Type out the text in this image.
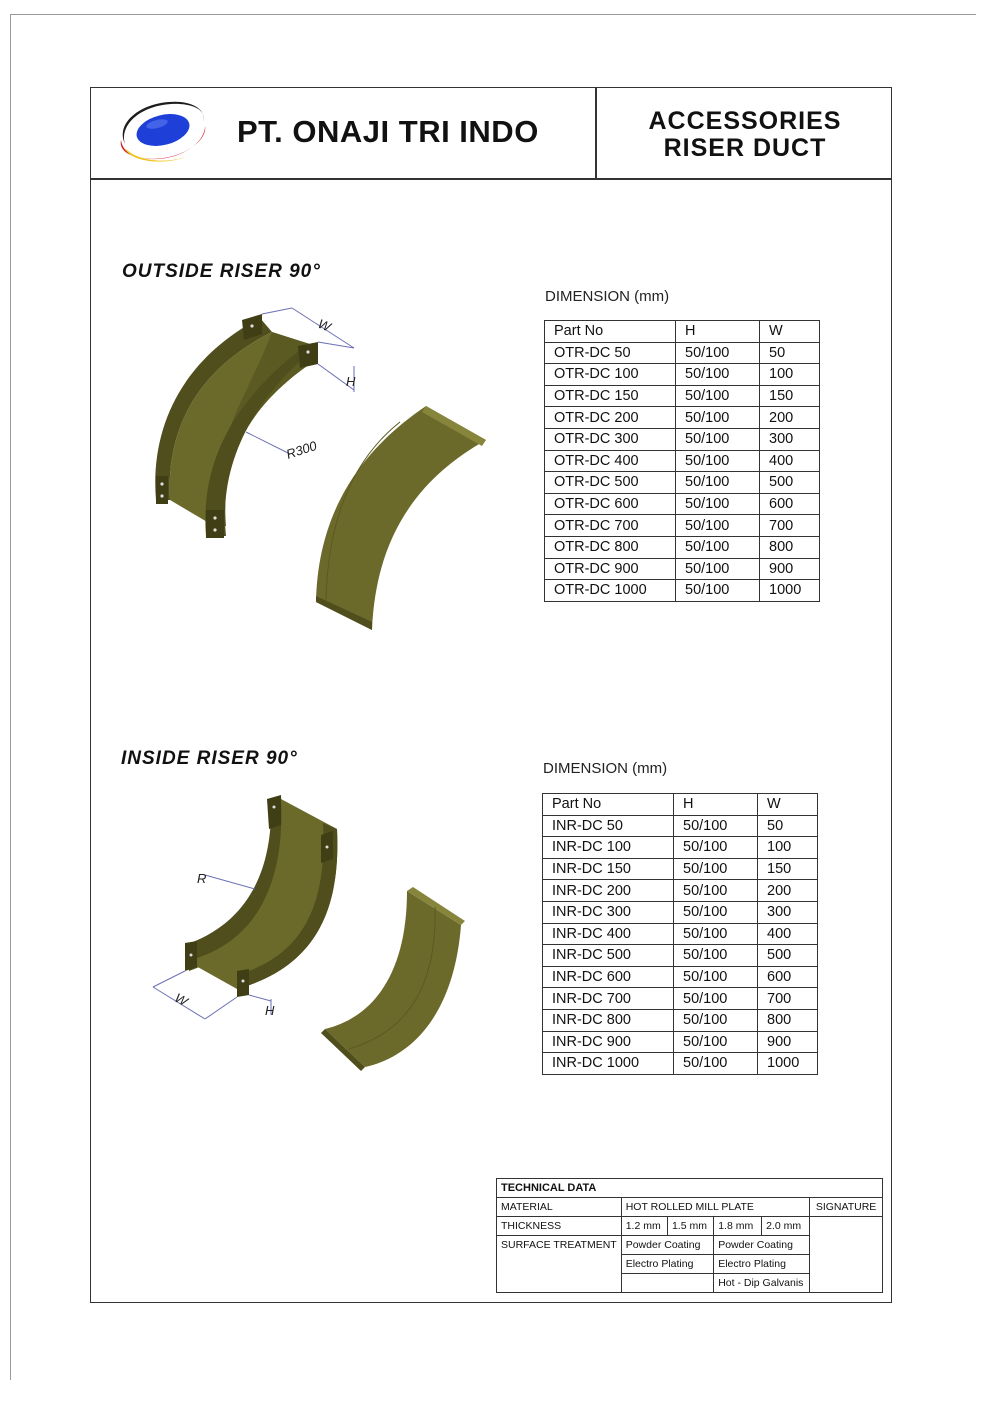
PT. ONAJI TRI INDO	ACCESSORIES
RISER DUCT
OUTSIDE RISER 90°
W
H
R300
DIMENSION (mm)
Part No	H	W
OTR-DC 50	50/100	50
OTR-DC 100	50/100	100
OTR-DC 150	50/100	150
OTR-DC 200	50/100	200
OTR-DC 300	50/100	300
OTR-DC 400	50/100	400
OTR-DC 500	50/100	500
OTR-DC 600	50/100	600
OTR-DC 700	50/100	700
OTR-DC 800	50/100	800
OTR-DC 900	50/100	900
OTR-DC 1000	50/100	1000
INSIDE RISER 90°
R
W
H
DIMENSION (mm)
Part No	H	W
INR-DC 50	50/100	50
INR-DC 100	50/100	100
INR-DC 150	50/100	150
INR-DC 200	50/100	200
INR-DC 300	50/100	300
INR-DC 400	50/100	400
INR-DC 500	50/100	500
INR-DC 600	50/100	600
INR-DC 700	50/100	700
INR-DC 800	50/100	800
INR-DC 900	50/100	900
INR-DC 1000	50/100	1000
TECHNICAL DATA					
MATERIAL	HOT ROLLED MILL PLATE				SIGNATURE
THICKNESS	1.2 mm	1.5 mm	1.8 mm	2.0 mm	
SURFACE TREATMENT	Powder Coating		Powder Coating		
	Electro Plating		Electro Plating		
			Hot - Dip Galvanis		
